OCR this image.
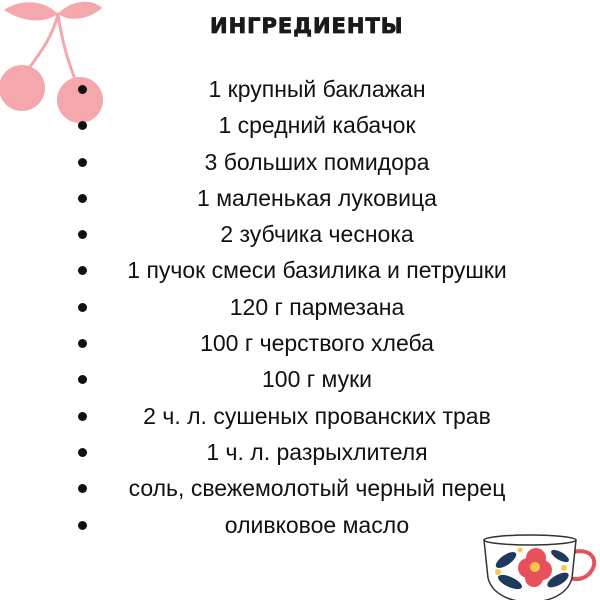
ИНГРЕДИЕНТЫ
1 крупный баклажан
1 средний кабачок
3 больших помидора
1 маленькая луковица
2 зубчика чеснока
1 пучок смеси базилика и петрушки
120 г пармезана
100 г черствого хлеба
100 г муки
2 ч. л. сушеных прованских трав
1 ч. л. разрыхлителя
соль, свежемолотый черный перец
оливковое масло
